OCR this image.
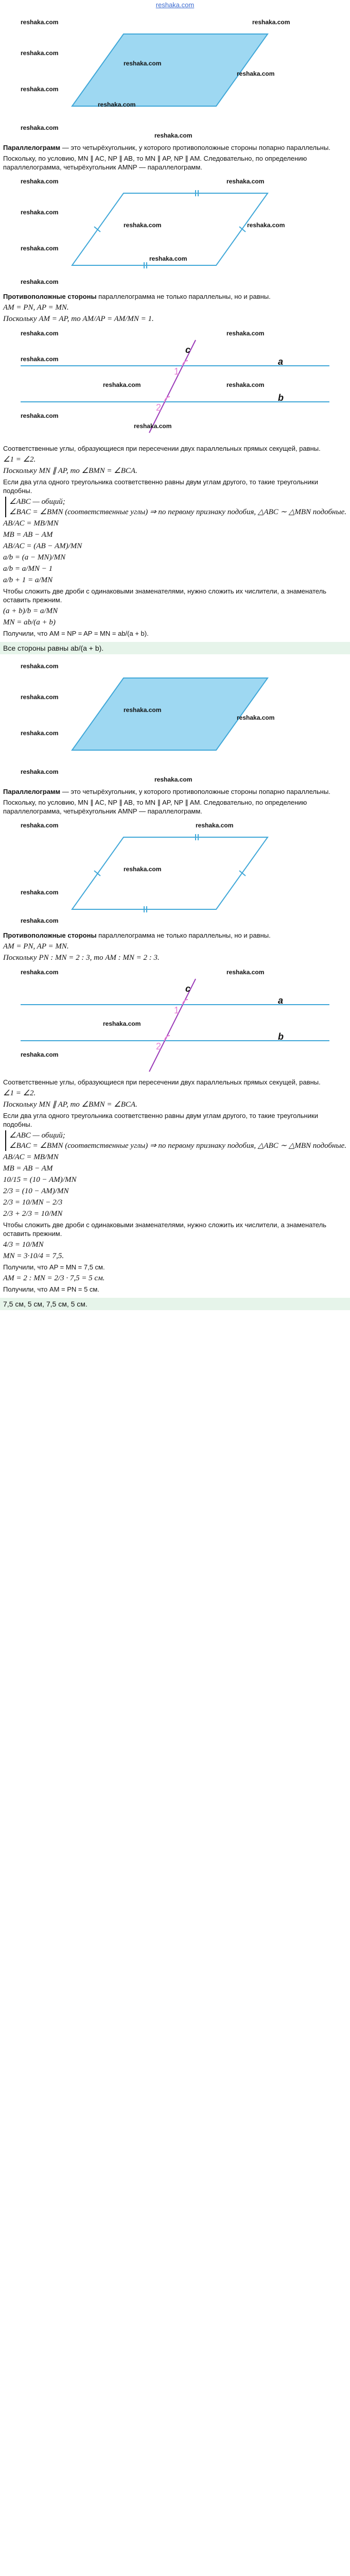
reshaka.com
reshaka.com	reshaka.com
reshaka.com
reshaka.com
reshaka.com
reshaka.com
reshaka.com
reshaka.com
reshaka.com
Параллелограмм — это четырёхугольник, у которого противоположные стороны попарно параллельны.
Поскольку, по условию, MN ∥ AC, NP ∥ AB, то MN ∥ AP, NP ∥ AM. Следовательно, по определению параллелограмма, четырёхугольник AMNP — параллелограмм.
reshaka.com	reshaka.com
reshaka.com
reshaka.com	reshaka.com
reshaka.com
reshaka.com
reshaka.com
Противоположные стороны параллелограмма не только параллельны, но и равны.
AM = PN, AP = MN.
Поскольку AM = AP, то AM/AP = AM/MN = 1.
c
a
b
1
2
reshaka.com	reshaka.com
reshaka.com
reshaka.com	reshaka.com
reshaka.com
reshaka.com
Соответственные углы, образующиеся при пересечении двух параллельных прямых секущей, равны.
∠1 = ∠2.
Поскольку MN ∥ AP, то ∠BMN = ∠BCA.
Если два угла одного треугольника соответственно равны двум углам другого, то такие треугольники подобны.
∠ABC — общий;
∠BAC = ∠BMN (соответственные углы) ⇒ по первому признаку подобия, △ABC ∼ △MBN подобные.
AB/AC = MB/MN
MB = AB − AM
AB/AC = (AB − AM)/MN
a/b = (a − MN)/MN
a/b = a/MN − 1
a/b + 1 = a/MN
Чтобы сложить две дроби с одинаковыми знаменателями, нужно сложить их числители, а знаменатель оставить прежним.
(a + b)/b = a/MN
MN = ab/(a + b)
Получили, что AM = NP = AP = MN = ab/(a + b).
Все стороны равны ab/(a + b).
reshaka.com
reshaka.com
reshaka.com
reshaka.com
reshaka.com
reshaka.com
reshaka.com
Параллелограмм — это четырёхугольник, у которого противоположные стороны попарно параллельны.
Поскольку, по условию, MN ∥ AC, NP ∥ AB, то MN ∥ AP, NP ∥ AM. Следовательно, по определению параллелограмма, четырёхугольник AMNP — параллелограмм.
reshaka.com	reshaka.com
reshaka.com
reshaka.com
reshaka.com
Противоположные стороны параллелограмма не только параллельны, но и равны.
AM = PN, AP = MN.
Поскольку PN : MN = 2 : 3, то AM : MN = 2 : 3.
c
a
b
1
2
reshaka.com	reshaka.com
reshaka.com
reshaka.com
Соответственные углы, образующиеся при пересечении двух параллельных прямых секущей, равны.
∠1 = ∠2.
Поскольку MN ∥ AP, то ∠BMN = ∠BCA.
Если два угла одного треугольника соответственно равны двум углам другого, то такие треугольники подобны.
∠ABC — общий;
∠BAC = ∠BMN (соответственные углы) ⇒ по первому признаку подобия, △ABC ∼ △MBN подобные.
AB/AC = MB/MN
MB = AB − AM
10/15 = (10 − AM)/MN
2/3 = (10 − AM)/MN
2/3 = 10/MN − 2/3
2/3 + 2/3 = 10/MN
Чтобы сложить две дроби с одинаковыми знаменателями, нужно сложить их числители, а знаменатель оставить прежним.
4/3 = 10/MN
MN = 3·10/4 = 7,5.
Получили, что AP = MN = 7,5 см.
AM = 2 : MN = 2/3 · 7,5 = 5 см.
Получили, что AM = PN = 5 см.
7,5 см, 5 см, 7,5 см, 5 см.
